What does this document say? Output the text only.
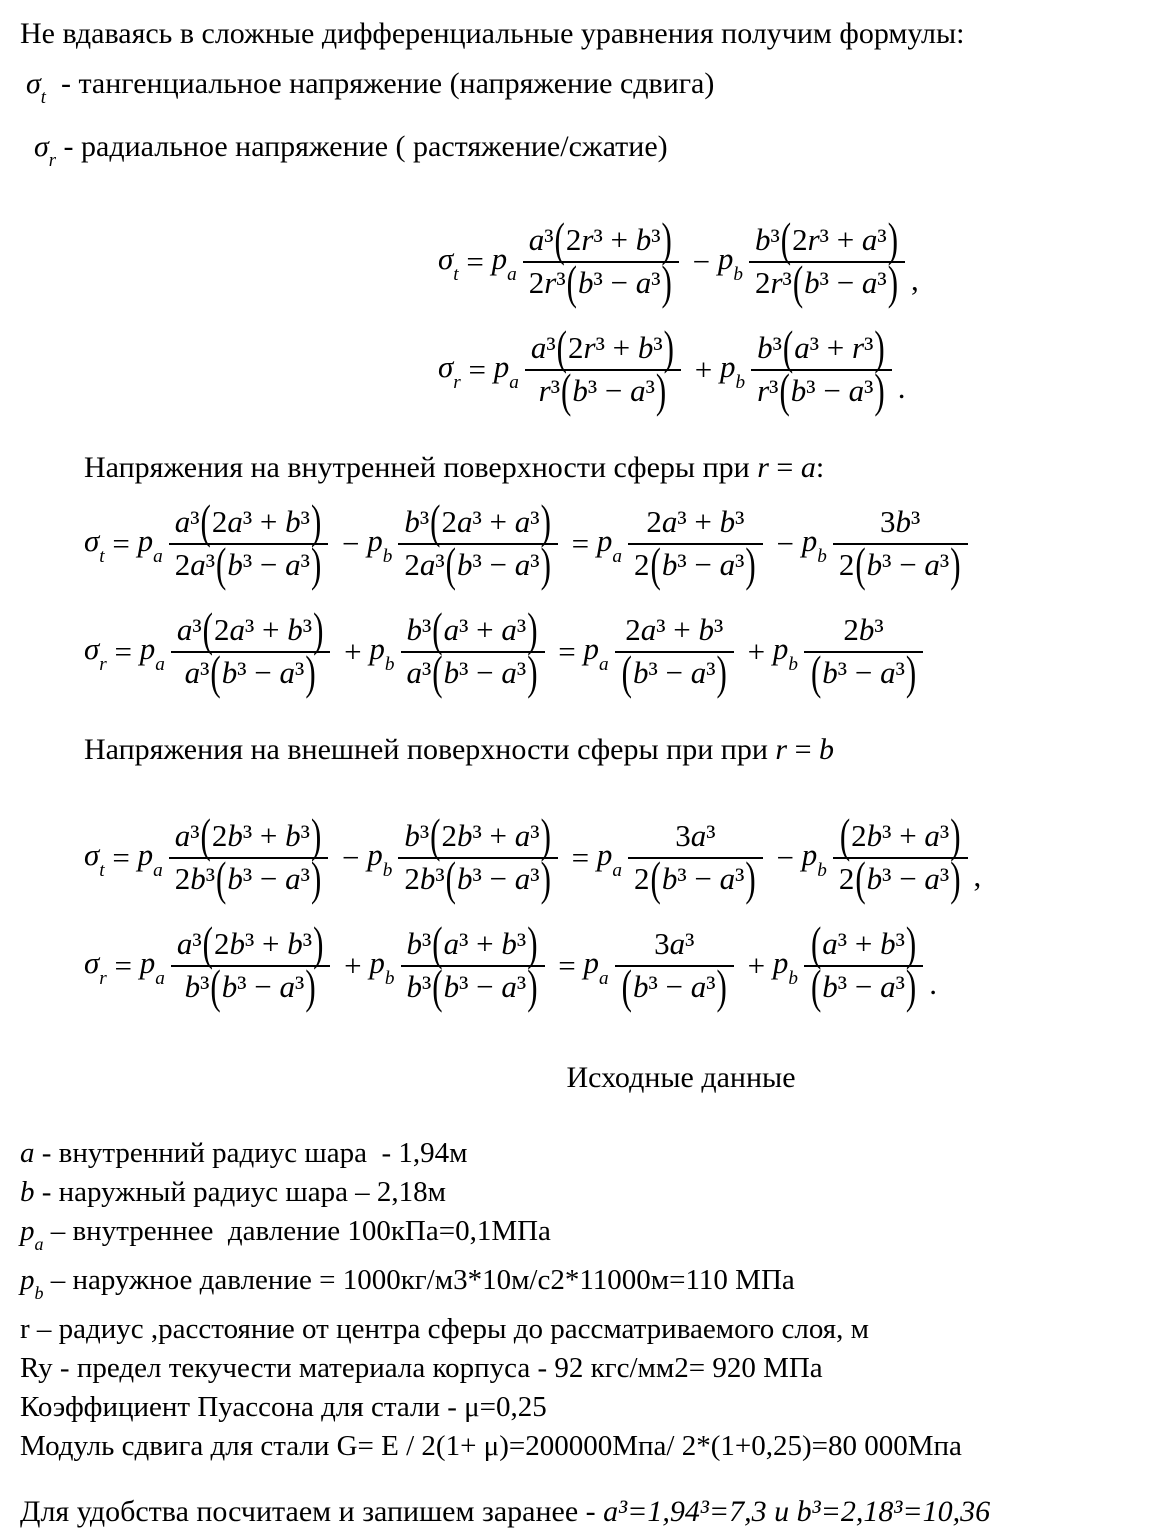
Не вдаваясь в сложные дифференциальные уравнения получим формулы:
$\sigma_t$  - тангенциальное напряжение (напряжение сдвига)
$\sigma_r$ - радиальное напряжение ( растяжение/сжатие)
$\sigma_t = p_a \frac{\text{a³(2r³ + b³)}}{\text{2r³(b³ − a³)}} - p_b \frac{\text{b³(2r³ + a³)}}{\text{2r³(b³ − a³)}}$ ,
$\sigma_r = p_a \frac{\text{a³(2r³ + b³)}}{\text{r³(b³ − a³)}} + p_b \frac{\text{b³(a³ + r³)}}{\text{r³(b³ − a³)}}$ .
Напряжения на внутренней поверхности сферы при r = a:
$\sigma_t = p_a \frac{\text{a³(2a³ + b³)}}{\text{2a³(b³ − a³)}} - p_b \frac{\text{b³(2a³ + a³)}}{\text{2a³(b³ − a³)}} = p_a \frac{\text{2a³ + b³}}{\text{2(b³ − a³)}} - p_b \frac{\text{3b³}}{\text{2(b³ − a³)}}$
$\sigma_r = p_a \frac{\text{a³(2a³ + b³)}}{\text{a³(b³ − a³)}} + p_b \frac{\text{b³(a³ + a³)}}{\text{a³(b³ − a³)}} = p_a \frac{\text{2a³ + b³}}{\text{(b³ − a³)}} + p_b \frac{\text{2b³}}{\text{(b³ − a³)}}$
Напряжения на внешней поверхности сферы при при r = b
$\sigma_t = p_a \frac{\text{a³(2b³ + b³)}}{\text{2b³(b³ − a³)}} - p_b \frac{\text{b³(2b³ + a³)}}{\text{2b³(b³ − a³)}} = p_a \frac{\text{3a³}}{\text{2(b³ − a³)}} - p_b \frac{\text{(2b³ + a³)}}{\text{2(b³ − a³)}}$ ,
$\sigma_r = p_a \frac{\text{a³(2b³ + b³)}}{\text{b³(b³ − a³)}} + p_b \frac{\text{b³(a³ + b³)}}{\text{b³(b³ − a³)}} = p_a \frac{\text{3a³}}{\text{(b³ − a³)}} + p_b \frac{\text{(a³ + b³)}}{\text{(b³ − a³)}}$ .
Исходные данные
a - внутренний радиус шара  - 1,94м
b - наружный радиус шара – 2,18м
$p_a$ – внутреннее  давление 100кПа=0,1МПа
$p_b$ – наружное давление = 1000кг/м3*10м/с2*11000м=110 МПа
r – радиус ,расстояние от центра сферы до рассматриваемого слоя, м
Ry - предел текучести материала корпуса - 92 кгс/мм2= 920 МПа
Коэффициент Пуассона для стали - μ=0,25
Модуль сдвига для стали G= E / 2(1+ μ)=200000Мпа/ 2*(1+0,25)=80 000Мпа
Для удобства посчитаем и запишем заранее - a³=1,94³=7,3 и b³=2,18³=10,36
